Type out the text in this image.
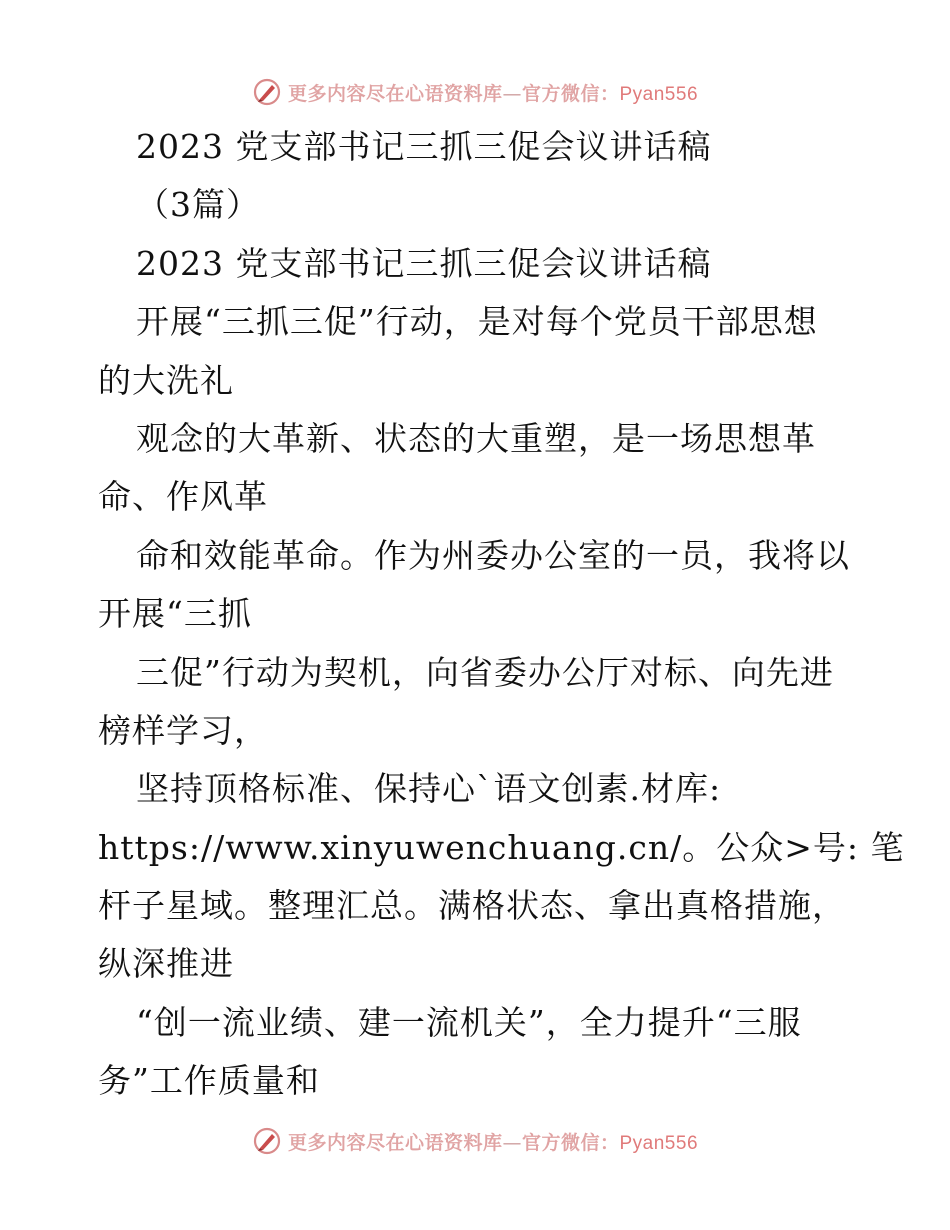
更多内容尽在心语资料库—官方微信：Pyan556
2023 党支部书记三抓三促会议讲话稿
（3篇）
2023 党支部书记三抓三促会议讲话稿
开展“三抓三促”行动，是对每个党员干部思想
的大洗礼
观念的大革新、状态的大重塑，是一场思想革
命、作风革
命和效能革命。作为州委办公室的一员，我将以
开展“三抓
三促”行动为契机，向省委办公厅对标、向先进
榜样学习，
坚持顶格标准、保持心`语文创素.材库:
https://www.xinyuwenchuang.cn/。公众>号: 笔
杆子星域。整理汇总。满格状态、拿出真格措施，
纵深推进
“创一流业绩、建一流机关”，全力提升“三服
务”工作质量和
更多内容尽在心语资料库—官方微信：Pyan556
